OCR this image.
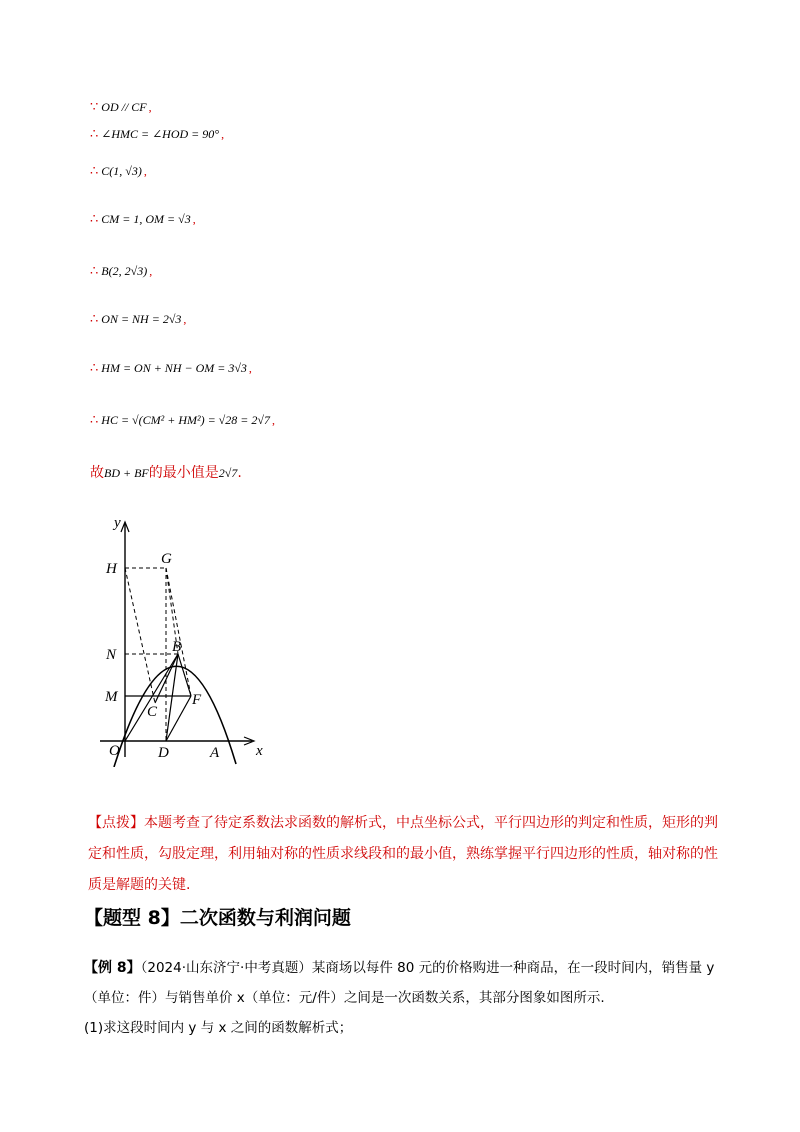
∵ OD // CF ,
∴ ∠HMC = ∠HOD = 90° ,
∴ C(1, √3) ,
∴ CM = 1, OM = √3 ,
∴ B(2, 2√3) ,
∴ ON = NH = 2√3 ,
∴ HM = ON + NH − OM = 3√3 ,
∴ HC = √(CM² + HM²) = √28 = 2√7 ,
故BD + BF的最小值是2√7.
y
x
H
G
N	B
M
C
F
O	D	A
【点拨】本题考查了待定系数法求函数的解析式，中点坐标公式，平行四边形的判定和性质，矩形的判定和性质，勾股定理，利用轴对称的性质求线段和的最小值，熟练掌握平行四边形的性质，轴对称的性质是解题的关键.
【题型 8】二次函数与利润问题
【例 8】（2024·山东济宁·中考真题）某商场以每件 80 元的价格购进一种商品，在一段时间内，销售量 y（单位：件）与销售单价 x（单位：元/件）之间是一次函数关系，其部分图象如图所示.
(1)求这段时间内 y 与 x 之间的函数解析式；
